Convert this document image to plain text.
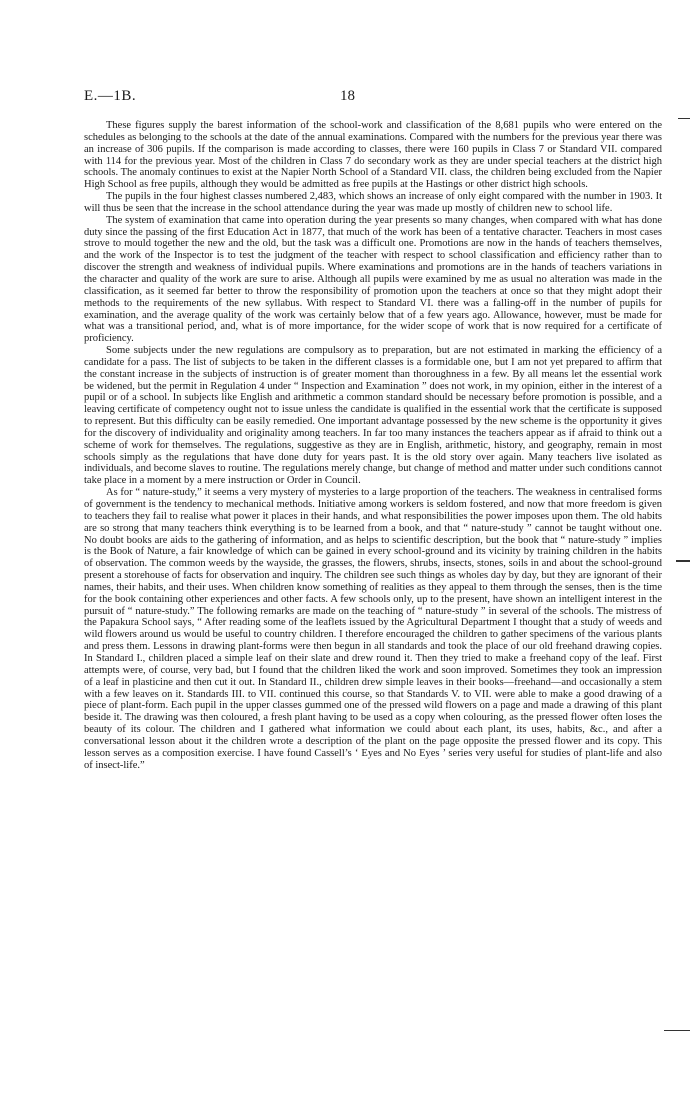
E.—1B.	18

These figures supply the barest information of the school-work and classification of the 8,681 pupils who were entered on the schedules as belonging to the schools at the date of the annual examinations. Compared with the numbers for the previous year there was an increase of 306 pupils. If the comparison is made according to classes, there were 160 pupils in Class 7 or Standard VII. compared with 114 for the previous year. Most of the children in Class 7 do secondary work as they are under special teachers at the district high schools. The anomaly continues to exist at the Napier North School of a Standard VII. class, the children being excluded from the Napier High School as free pupils, although they would be admitted as free pupils at the Hastings or other district high schools.

The pupils in the four highest classes numbered 2,483, which shows an increase of only eight compared with the number in 1903. It will thus be seen that the increase in the school attendance during the year was made up mostly of children new to school life.

The system of examination that came into operation during the year presents so many changes, when compared with what has done duty since the passing of the first Education Act in 1877, that much of the work has been of a tentative character. Teachers in most cases strove to mould together the new and the old, but the task was a difficult one. Promotions are now in the hands of teachers themselves, and the work of the Inspector is to test the judgment of the teacher with respect to school classification and efficiency rather than to discover the strength and weakness of individual pupils. Where examinations and promotions are in the hands of teachers variations in the character and quality of the work are sure to arise. Although all pupils were examined by me as usual no alteration was made in the classification, as it seemed far better to throw the responsibility of promotion upon the teachers at once so that they might adopt their methods to the requirements of the new syllabus. With respect to Standard VI. there was a falling-off in the number of pupils for examination, and the average quality of the work was certainly below that of a few years ago. Allowance, however, must be made for what was a transitional period, and, what is of more importance, for the wider scope of work that is now required for a certificate of proficiency.

Some subjects under the new regulations are compulsory as to preparation, but are not estimated in marking the efficiency of a candidate for a pass. The list of subjects to be taken in the different classes is a formidable one, but I am not yet prepared to affirm that the constant increase in the subjects of instruction is of greater moment than thoroughness in a few. By all means let the essential work be widened, but the permit in Regulation 4 under “ Inspection and Examination ” does not work, in my opinion, either in the interest of a pupil or of a school. In subjects like English and arithmetic a common standard should be necessary before promotion is possible, and a leaving certificate of competency ought not to issue unless the candidate is qualified in the essential work that the certificate is supposed to represent. But this difficulty can be easily remedied. One important advantage possessed by the new scheme is the opportunity it gives for the discovery of individuality and originality among teachers. In far too many instances the teachers appear as if afraid to think out a scheme of work for themselves. The regulations, suggestive as they are in English, arithmetic, history, and geography, remain in most schools simply as the regulations that have done duty for years past. It is the old story over again. Many teachers live isolated as individuals, and become slaves to routine. The regulations merely change, but change of method and matter under such conditions cannot take place in a moment by a mere instruction or Order in Council.

As for “ nature-study,” it seems a very mystery of mysteries to a large proportion of the teachers. The weakness in centralised forms of government is the tendency to mechanical methods. Initiative among workers is seldom fostered, and now that more freedom is given to teachers they fail to realise what power it places in their hands, and what responsibilities the power imposes upon them. The old habits are so strong that many teachers think everything is to be learned from a book, and that “ nature-study ” cannot be taught without one. No doubt books are aids to the gathering of information, and as helps to scientific description, but the book that “ nature-study ” implies is the Book of Nature, a fair knowledge of which can be gained in every school-ground and its vicinity by training children in the habits of observation. The common weeds by the wayside, the grasses, the flowers, shrubs, insects, stones, soils in and about the school-ground present a storehouse of facts for observation and inquiry. The children see such things as wholes day by day, but they are ignorant of their names, their habits, and their uses. When children know something of realities as they appeal to them through the senses, then is the time for the book containing other experiences and other facts. A few schools only, up to the present, have shown an intelligent interest in the pursuit of “ nature-study.” The following remarks are made on the teaching of “ nature-study ” in several of the schools. The mistress of the Papakura School says, “ After reading some of the leaflets issued by the Agricultural Department I thought that a study of weeds and wild flowers around us would be useful to country children. I therefore encouraged the children to gather specimens of the various plants and press them. Lessons in drawing plant-forms were then begun in all standards and took the place of our old freehand drawing copies. In Standard I., children placed a simple leaf on their slate and drew round it. Then they tried to make a freehand copy of the leaf. First attempts were, of course, very bad, but I found that the children liked the work and soon improved. Sometimes they took an impression of a leaf in plasticine and then cut it out. In Standard II., children drew simple leaves in their books—freehand—and occasionally a stem with a few leaves on it. Standards III. to VII. continued this course, so that Standards V. to VII. were able to make a good drawing of a piece of plant-form. Each pupil in the upper classes gummed one of the pressed wild flowers on a page and made a drawing of this plant beside it. The drawing was then coloured, a fresh plant having to be used as a copy when colouring, as the pressed flower often loses the beauty of its colour. The children and I gathered what information we could about each plant, its uses, habits, &c., and after a conversational lesson about it the children wrote a description of the plant on the page opposite the pressed flower and its copy. This lesson serves as a composition exercise. I have found Cassell’s ‘ Eyes and No Eyes ’ series very useful for studies of plant-life and also of insect-life.”
